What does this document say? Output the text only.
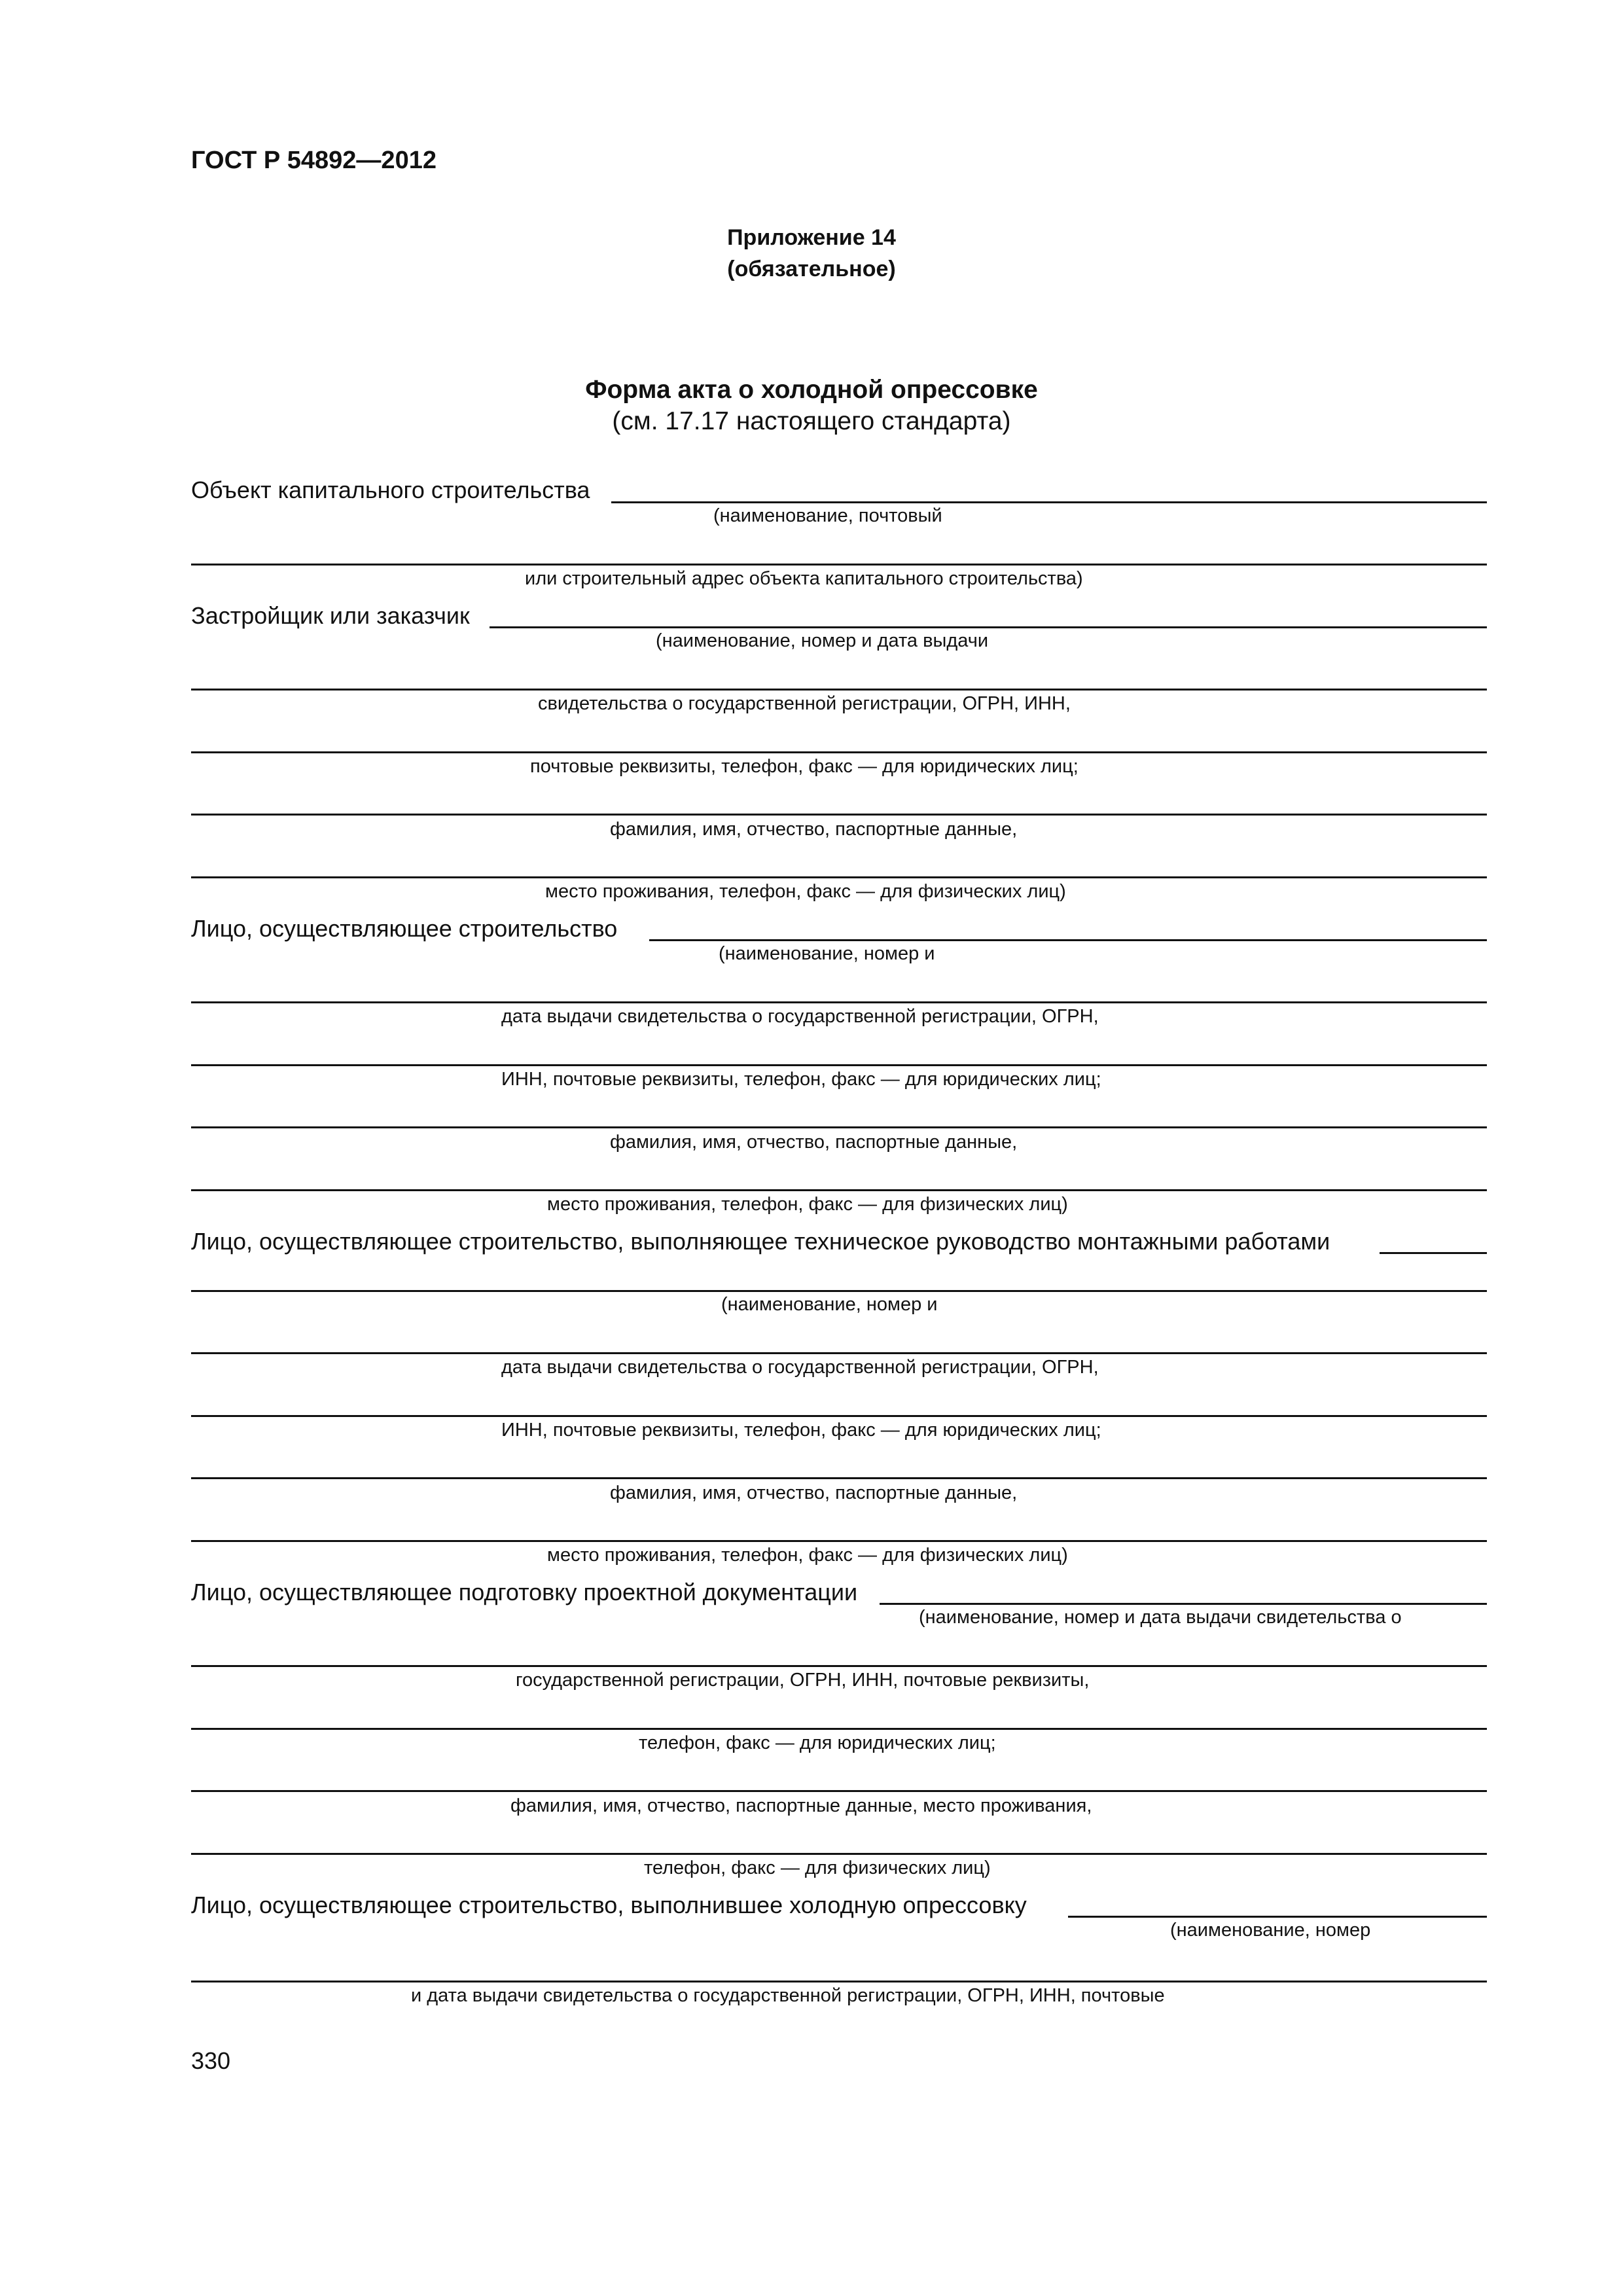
ГОСТ Р 54892—2012
Приложение 14
(обязательное)
Форма акта о холодной опрессовке
(см. 17.17 настоящего стандарта)
Объект капитального строительства
(наименование, почтовый
или строительный адрес объекта капитального строительства)
Застройщик или заказчик
(наименование, номер и дата выдачи
свидетельства о государственной регистрации, ОГРН, ИНН,
почтовые реквизиты, телефон, факс — для юридических лиц;
фамилия, имя, отчество, паспортные данные,
место проживания, телефон, факс — для физических лиц)
Лицо, осуществляющее строительство
(наименование, номер и
дата выдачи свидетельства о государственной регистрации, ОГРН,
ИНН, почтовые реквизиты, телефон, факс — для юридических лиц;
фамилия, имя, отчество, паспортные данные,
место проживания, телефон, факс — для физических лиц)
Лицо, осуществляющее строительство, выполняющее техническое руководство монтажными работами
(наименование, номер и
дата выдачи свидетельства о государственной регистрации, ОГРН,
ИНН, почтовые реквизиты, телефон, факс — для юридических лиц;
фамилия, имя, отчество, паспортные данные,
место проживания, телефон, факс — для физических лиц)
Лицо, осуществляющее подготовку проектной документации
(наименование, номер и дата выдачи свидетельства о
государственной регистрации, ОГРН, ИНН, почтовые реквизиты,
телефон, факс — для юридических лиц;
фамилия, имя, отчество, паспортные данные, место проживания,
телефон, факс — для физических лиц)
Лицо, осуществляющее строительство, выполнившее холодную опрессовку
(наименование, номер
и дата выдачи свидетельства о государственной регистрации, ОГРН, ИНН, почтовые
330
